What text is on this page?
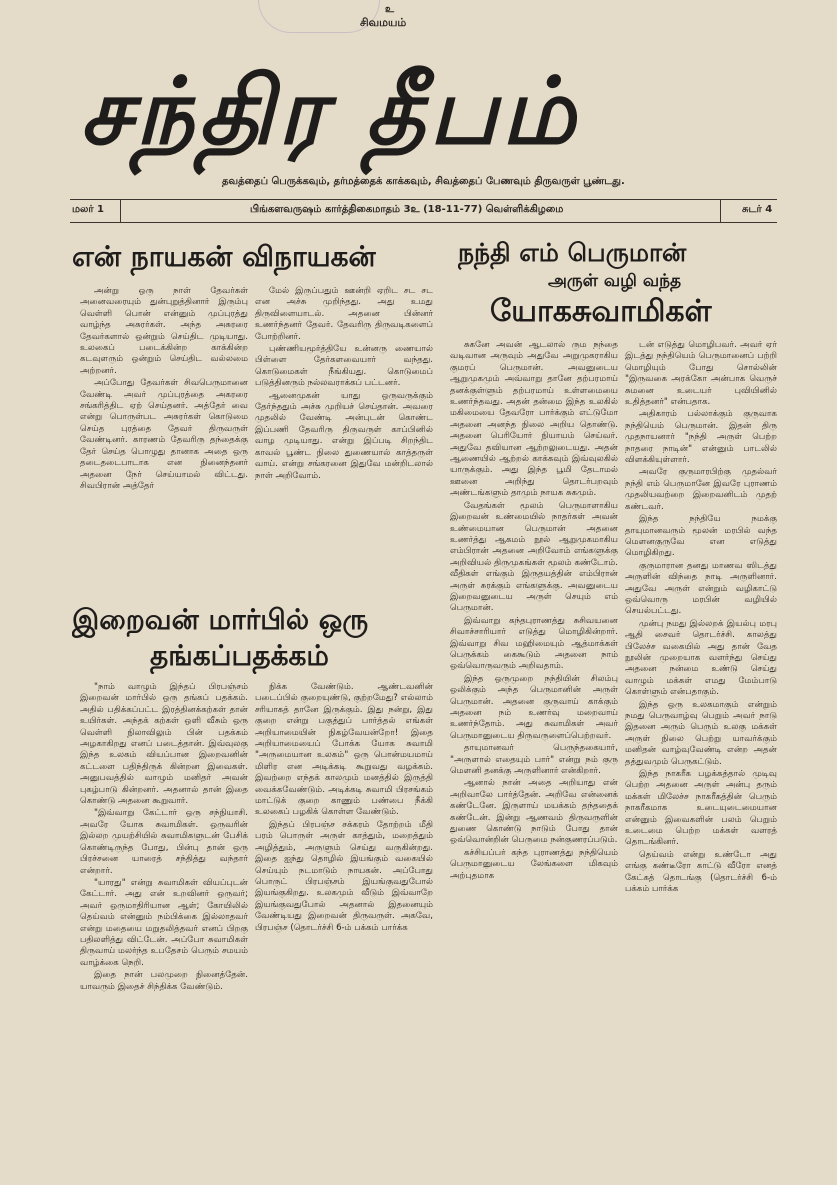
உ
சிவமயம்
சந்திர தீபம்
தவத்தைப் பெருக்கவும், தர்மத்தைக் காக்கவும், சிவத்தைப் பேணவும் திருவருள் பூண்டது.
மலர் 1	பிங்களவருஷம் கார்த்திகைமாதம் 3உ (18-11-77) வெள்ளிக்கிழமை	சுடர் 4
என் நாயகன் விநாயகன்

அன்று ஒரு நாள் தேவர்கள் அனைவரையும் துன்புறுத்தினார் இரும்பு வெள்ளி பொன் என்னும் முப்புரத்து வாழ்ந்த அசுரர்கள். அந்த அசுரரை தேவர்களால் ஒன்றும் செய்திட முடியாது. உலகைப் படைக்கின்ற காக்கின்ற கடவுளரும் ஒன்றும் செய்திட வல்லமை அற்றனர்.

அப்போது தேவர்கள் சிவபெருமானை வேண்டி அவர் முப்புரத்தை அகரரை சங்கரித்திட ஏற் செய்தனர். அத்தேர் வை என்று பொருள்பட அசுரர்கள் கொடுமை செய்த புரத்தை தேவர் திருவருள் வேண்டினர். காரணம் தேவரிரு தந்தைக்கு தேர் செய்த பொழுது தானாக அதை ஒரு தடைதடைபாடாக என நினைந்தனர் அதனை நேர் செய்யாமல் விட்டது. சிவபிரான் அத்தேர்

மேல் இருப்பதும் ஊன்றி ஏறிட சட சட என அச்சு முறிந்தது. அது உமது திருவிளையாடல். அதனை பின்னர் உணர்ந்தனர் தேவர். தேவரிரு திருவடிகளைப் போற்றினர்.

புண்ணியமூர்த்தியே உன்னரு ணையால் பிள்ளை தேர்களவையார் வந்தது. கொடுமைகள் நீங்கியது. கொடுமைப் படுத்தினரும் நல்லவராக்கப் பட்டனர்.

ஆனைமுகன் யாது ஒருவருக்கும் தேர்ந்ததும் அச்சு முறியச் செய்தான். அவரை முதலில் வேண்டி அன்புடன் கொண்ட இப்பணி தேவரிரு திருவருள் காப்பினில் வாழ முடியாது. என்று இப்படி சிறந்திட காவல் பூண்ட நிலை துணையால் காத்தருள் வாய். என்று சங்கரனை இதுவே மன்றிடலால் நாள் அறிவோம்.

இறைவன் மார்பில் ஒரு
தங்கப்பதக்கம்

"நாம் வாழும் இந்தப் பிரபஞ்சம் இறைவன் மார்பில் ஒரு தங்கப் பதக்கம். அதில் பதிக்கப்பட்ட இரத்தினக்கற்கள் தான் உயிர்கள். அந்தக் கற்கள் ஒளி வீசும் ஒரு வெள்ளி நிலாவிலும் பின் பதக்கம் அழகாகிறது எனப் படைத்தான். இவ்வுலகு இந்த உலகம் வியப்பான இறைவனின் கட்டளை பதிந்திருக் கின்றன இவைகள். அனுபவத்தில் வாழும் மனிதர் அவன் புகழ்பாடு கின்றனர். அதனால் தான் இதை கொண்டு அதனை கூறுவார்.

"இவ்வாறு கேட்டார் ஒரு சந்நியாசி. அவரே யோக சுவாமிகள். ஒருவரின் இல்லற முயற்சியில் சுவாமிகளுடன் பேசிக் கொண்டிருந்த போது, பின்பு தான் ஒரு பிரச்சனை யாரைத் சந்தித்து வந்தார் என்றார்.

"யாரது" என்று சுவாமிகள் வியப்புடன் கேட்டார். அது என் உறவினர் ஒருவர்; அவர் ஒருமாதிரியான ஆள்; கோயிலில் தெய்வம் என்னும் நம்பிக்கை இல்லாதவர் என்று மதையை மறுதலித்தவர் எனப் பிறகு பதிலளித்து விட்டேன். அப்போ சுவாமிகள் திருவாய் மலர்ந்த உபதேசம் பெரும் சமயம் வாழ்க்கை நெறி.

இதை நான் பலமுறை நினைத்தேன். யாவரும் இதைச் சிந்திக்க வேண்டும்.

நிக்க வேண்டும். ஆண்டவனின் படைப்பில் குறையுண்டு, குற்றமேது? எல்லாம் சரியாகத் தானே இருக்கும். இது நன்று, இது குறை என்று பகுத்துப் பார்த்தல் எங்கள் அறியாமையின் நிகழ்வேயன்றோ! இதை அறியாமையைப் போக்க யோக சுவாமி "அருமையான உலகம்" ஒரு பொன்மயமாய் மிளிர என அடிக்கடி கூறுவது வழக்கம். இவற்றை எந்தக் காலமும் மனத்தில் இருத்தி வைக்கவேண்டும். அடிக்கடி சுவாமி பிரசங்கம் மாட்டுக் குறை காணும் பண்பை நீக்கி உலகைப் பழகிக் கொள்ள வேண்டும்.

இந்தப் பிரபஞ்ச சக்கரம் தோற்றம் மீதி பரம் பொருள் அருள் காத்தும், மறைத்தும் அழித்தும், அருளும் செய்து வருகின்றது. இதை ஐந்து தொழில் இயங்கும் வகையில் செய்யும் நடமாடும் நாயகன். அப்போது பொருட் பிரபஞ்சம் இயங்குவதுபோல் இயங்குகிறது. உலகமும் வீடும் இவ்வாறே இயங்குவதுபோல் அதனால் இதனையும் வேண்டியது இறைவன் திருவருள். அகவே, பிரபஞ்ச (தொடர்ச்சி 6-ம் பக்கம் பார்க்க

நந்தி எம் பெருமான்
அருள் வழி வந்த
யோகசுவாமிகள்

சுகனே அவன் ஆடலால் ரும நந்தை வடிவான அருவும் அதுவே அறுமுகராகிய குமரப் பெருமான். அவனுடைய ஆறுமுகமும் அவ்வாறு தானே தற்பரமாய் தனக்குள்ளும் தற்பரமாய் உள்ளமையை உணர்ந்தவது. அதன் தன்மை இந்த உலகில் மகிமையை தேவரோ பார்க்கும் எட்டுமோ அதனை அனந்த நிலை அறிய தொண்டு. அதனை பெரியோர் நியாயம் செய்வர். அதுவே தவியான ஆற்றலுடையது. அதன் ஆணையில் ஆற்றல் காக்கவும் இவ்வுலகில் யாருக்கும். அது இந்த பூமி தேடாமல் ஊனை அறிந்து தொடர்பறவும் அண்டங்களும் தாமும் நாயக சுகமும்.

வேதங்கள் மூலம் பெருமாளாகிய இறைவன் உண்மையில் நாதர்கள் அவன் உண்மையான பெருமான் அதனை உணர்த்து ஆகமம் நூல் ஆறுமுகமாகிய எம்பிரான் அதனை அறிவோம் எங்களுக்கு அறிவியல் திருமுகங்கள் மூலம் கண்டோம். வீதிகள் எங்கும் இருதயத்தின் எம்பிரான் அருள் சுரக்கும் எங்களுக்கு. அவனுடைய இறைவனுடைய அருள் செயும் எம் பெருமான்.

இவ்வாறு கந்தபுராணத்து சுசிவயனை சிவாச்சாரியார் எடுத்து மொழிகின்றார். இவ்வாறு சிவ மஹிமையும் ஆத்மாக்கள் பெருக்கம் கைகூடும் அதனை நாம் ஒவ்வொருவரும் அறிவதாம்.

இந்த ஒருமுறை நந்தியின் சிலம்பு ஒலிக்கும் அந்த பெருமானின் அருள் பெருமான். அதனை குருவாய் காக்கும் அதனை நம் உணர்வு மறைவாய் உணர்ந்தோம். அது சுவாமிகள் அவர் பெருமானுடைய திருவருளைப்பெற்றவர்.

தாயுமானவர் பெருந்தகையார், "அருளால் எதையும் பார்" என்று நம் குரு மௌனி தனக்கு அருளினார் என்கிறார்.

ஆனால் நான் அதை அறியாது என் அறிவாலே பார்த்தேன். அறிவே என்னைக் கண்டேனே. இருளாய் மயக்கம் தந்ததைக் கண்டேன். இன்று ஆணவம் திருவருளின் துணை கொண்டு நாடும் போது தான் ஒவ்வொன்றின் பெருமை நன்குணரப்படும்.

கச்சியப்பர் கந்த புராணத்து நந்தியெம் பெருமானுடைய லேங்களை மிகவும் அற்புதமாக

டன் எடுத்து மொழிபவர். அவர் ஏர் இடத்து நந்தியெம் பெருமானைப் பற்றி மொழியும் போது சொல்லின் "இருவகை அரக்கோ அன்பாக வெருச் சுமனை உடையர் புவியினில் உதித்தனர்" என்பதாக.

அதிகாரம் பல்லாக்கும் குருவாக நந்தியெம் பெருமான். இதன் திரு முதநாயனார் "நந்தி அருள் பெற்ற நாதரை நாடின்" என்னும் பாடலில் விளக்கியுள்ளார்.

அவரே குருமாரபிற்கு முதல்வர் நந்தி எம் பெருமானே இவரே புராணம் முதலியவற்றை இறைவனிடம் முதற் கண்டவர்.

இந்த நந்தியே நமக்கு தாயுமானவரும் மூலன் மரபில் வந்த மௌனகுருவே என எடுத்து மொழிகிறது.

குருமாரான தனது மாணவ ஸிடத்து அருளின் விந்தை நாடி அருளினார். அதுவே அருள் என்றும் வழிகாட்டு ஒவ்வொரு மரபின் வழியில் செயல்பட்டது.

முன்பு நமது இல்லறக் இயல்பு மரபு ஆதி சைவர் தொடர்ச்சி. காலத்து பிலேச்ச வகையில் அது தான் வேத நூலின் முறையாக வளர்ந்து செய்து அதனை நன்மை உண்டு செய்து வாழும் மக்கள் எமது மேம்பாடு கொள்ளும் என்பதாகும்.

இந்த ஒரு உலகமாகும் என்றும் நமது பெருவாழ்வு பெறும் அவர் நாடு இதனை அரும் பெரும் உலகு மக்கள் அருள் நிலை பெற்று யாவர்க்கும் மனிதன் வாழ்வுவேண்டி என்ற அதன் தத்துவமும் பெருகட்டும்.

இந்த நாகரீக பழக்கத்தால் முடிவு பெற்ற அதனை அருள் அன்பு தரும் மக்கள் மிலேச்ச நாகரீகத்தின் பெரும் நாகரீகமாக உடையுடைமையான என்னும் இவைகளின் பலம் பெறும் உடைமை பெற்ற மக்கள் வளரத் தொடங்கினர்.

தெய்வம் என்று உண்டோ அது எங்கு கண்டீரோ காட்டு வீரோ எனத் கேட்கத் தொடங்கு (தொடர்ச்சி 6-ம் பக்கம் பார்க்க
